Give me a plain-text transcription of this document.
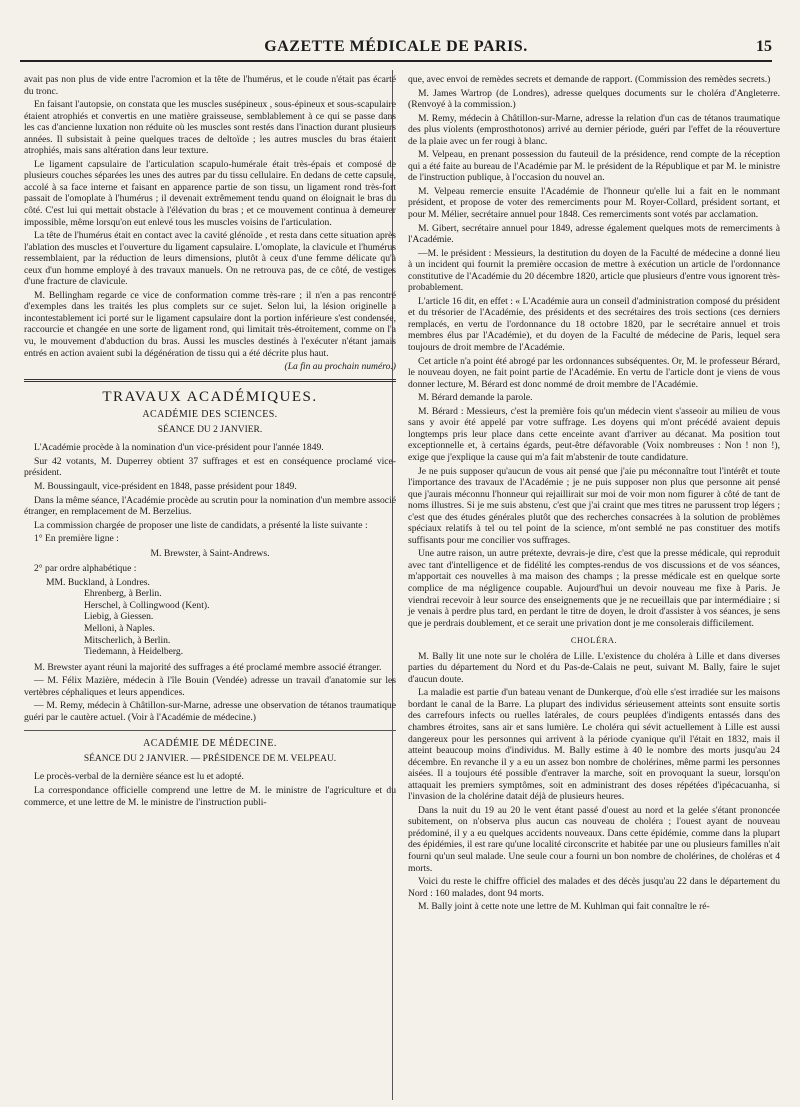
GAZETTE MÉDICALE DE PARIS.	15

avait pas non plus de vide entre l'acromion et la tête de l'humérus, et le coude n'était pas écarté du tronc.

En faisant l'autopsie, on constata que les muscles susépineux , sous-épineux et sous-scapulaire étaient atrophiés et convertis en une matière graisseuse, semblablement à ce qui se passe dans les cas d'ancienne luxation non réduite où les muscles sont restés dans l'inaction durant plusieurs années. Il subsistait à peine quelques traces de deltoïde ; les autres muscles du bras étaient atrophiés, mais sans altération dans leur texture.

Le ligament capsulaire de l'articulation scapulo-humérale était très-épais et composé de plusieurs couches séparées les unes des autres par du tissu cellulaire. En dedans de cette capsule, accolé à sa face interne et faisant en apparence partie de son tissu, un ligament rond très-fort passait de l'omoplate à l'humérus ; il devenait extrêmement tendu quand on éloignait le bras du côté. C'est lui qui mettait obstacle à l'élévation du bras ; et ce mouvement continua à demeurer impossible, même lorsqu'on eut enlevé tous les muscles voisins de l'articulation.

La tête de l'humérus était en contact avec la cavité glénoïde , et resta dans cette situation après l'ablation des muscles et l'ouverture du ligament capsulaire. L'omoplate, la clavicule et l'humérus ressemblaient, par la réduction de leurs dimensions, plutôt à ceux d'une femme délicate qu'à ceux d'un homme employé à des travaux manuels. On ne retrouva pas, de ce côté, de vestiges d'une fracture de clavicule.

M. Bellingham regarde ce vice de conformation comme très-rare ; il n'en a pas rencontré d'exemples dans les traités les plus complets sur ce sujet. Selon lui, la lésion originelle a incontestablement ici porté sur le ligament capsulaire dont la portion inférieure s'est condensée, raccourcie et changée en une sorte de ligament rond, qui limitait très-étroitement, comme on l'a vu, le mouvement d'abduction du bras. Aussi les muscles destinés à l'exécuter n'étant jamais entrés en action avaient subi la dégénération de tissu qui a été décrite plus haut.

(La fin au prochain numéro.)

TRAVAUX ACADÉMIQUES.
ACADÉMIE DES SCIENCES.
SÉANCE DU 2 JANVIER.

L'Académie procède à la nomination d'un vice-président pour l'année 1849.

Sur 42 votants, M. Duperrey obtient 37 suffrages et est en conséquence proclamé vice-président.

M. Boussingault, vice-président en 1848, passe président pour 1849.

Dans la même séance, l'Académie procède au scrutin pour la nomination d'un membre associé étranger, en remplacement de M. Berzelius.

La commission chargée de proposer une liste de candidats, a présenté la liste suivante :

1° En première ligne :

M. Brewster, à Saint-Andrews.

2° par ordre alphabétique :

MM. Buckland, à Londres.
Ehrenberg, à Berlin.
Herschel, à Collingwood (Kent).
Liebig, à Giessen.
Melloni, à Naples.
Mitscherlich, à Berlin.
Tiedemann, à Heidelberg.

M. Brewster ayant réuni la majorité des suffrages a été proclamé membre associé étranger.

— M. Félix Mazière, médecin à l'île Bouin (Vendée) adresse un travail d'anatomie sur les vertèbres céphaliques et leurs appendices.

— M. Remy, médecin à Châtillon-sur-Marne, adresse une observation de tétanos traumatique guéri par le cautère actuel. (Voir à l'Académie de médecine.)

ACADÉMIE DE MÉDECINE.
SÉANCE DU 2 JANVIER. — PRÉSIDENCE DE M. VELPEAU.

Le procès-verbal de la dernière séance est lu et adopté.

La correspondance officielle comprend une lettre de M. le ministre de l'agriculture et du commerce, et une lettre de M. le ministre de l'instruction publi-

que, avec envoi de remèdes secrets et demande de rapport. (Commission des remèdes secrets.)

M. James Wartrop (de Londres), adresse quelques documents sur le choléra d'Angleterre. (Renvoyé à la commission.)

M. Remy, médecin à Châtillon-sur-Marne, adresse la relation d'un cas de tétanos traumatique des plus violents (emprosthotonos) arrivé au dernier période, guéri par l'effet de la réouverture de la plaie avec un fer rougi à blanc.

M. Velpeau, en prenant possession du fauteuil de la présidence, rend compte de la réception qui a été faite au bureau de l'Académie par M. le président de la République et par M. le ministre de l'instruction publique, à l'occasion du nouvel an.

M. Velpeau remercie ensuite l'Académie de l'honneur qu'elle lui a fait en le nommant président, et propose de voter des remerciments pour M. Royer-Collard, président sortant, et pour M. Mélier, secrétaire annuel pour 1848. Ces remerciments sont votés par acclamation.

M. Gibert, secrétaire annuel pour 1849, adresse également quelques mots de remerciments à l'Académie.

—M. le président : Messieurs, la destitution du doyen de la Faculté de médecine a donné lieu à un incident qui fournit la première occasion de mettre à exécution un article de l'ordonnance constitutive de l'Académie du 20 décembre 1820, article que plusieurs d'entre vous ignorent très-probablement.

L'article 16 dit, en effet : « L'Académie aura un conseil d'administration composé du président et du trésorier de l'Académie, des présidents et des secrétaires des trois sections (ces derniers remplacés, en vertu de l'ordonnance du 18 octobre 1820, par le secrétaire annuel et trois membres élus par l'Académie), et du doyen de la Faculté de médecine de Paris, lequel sera toujours de droit membre de l'Académie.

Cet article n'a point été abrogé par les ordonnances subséquentes. Or, M. le professeur Bérard, le nouveau doyen, ne fait point partie de l'Académie. En vertu de l'article dont je viens de vous donner lecture, M. Bérard est donc nommé de droit membre de l'Académie.

M. Bérard demande la parole.

M. Bérard : Messieurs, c'est la première fois qu'un médecin vient s'asseoir au milieu de vous sans y avoir été appelé par votre suffrage. Les doyens qui m'ont précédé avaient depuis longtemps pris leur place dans cette enceinte avant d'arriver au décanat. Ma position tout exceptionnelle et, à certains égards, peut-être défavorable (Voix nombreuses : Non ! non !), exige que j'explique la cause qui m'a fait m'abstenir de toute candidature.

Je ne puis supposer qu'aucun de vous ait pensé que j'aie pu méconnaître tout l'intérêt et toute l'importance des travaux de l'Académie ; je ne puis supposer non plus que personne ait pensé que j'aurais méconnu l'honneur qui rejaillirait sur moi de voir mon nom figurer à côté de tant de noms illustres. Si je me suis abstenu, c'est que j'ai craint que mes titres ne parussent trop légers ; c'est que des études générales plutôt que des recherches consacrées à la solution de problèmes spéciaux relatifs à tel ou tel point de la science, m'ont semblé ne pas constituer des motifs suffisants pour me concilier vos suffrages.

Une autre raison, un autre prétexte, devrais-je dire, c'est que la presse médicale, qui reproduit avec tant d'intelligence et de fidélité les comptes-rendus de vos discussions et de vos séances, m'apportait ces nouvelles à ma maison des champs ; la presse médicale est en quelque sorte complice de ma négligence coupable. Aujourd'hui un devoir nouveau me fixe à Paris. Je viendrai recevoir à leur source des enseignements que je ne recueillais que par intermédiaire ; si je venais à perdre plus tard, en perdant le titre de doyen, le droit d'assister à vos séances, je sens que je perdrais doublement, et ce serait une privation dont je me consolerais difficilement.

CHOLÉRA.

M. Bally lit une note sur le choléra de Lille. L'existence du choléra à Lille et dans diverses parties du département du Nord et du Pas-de-Calais ne peut, suivant M. Bally, faire le sujet d'aucun doute.

La maladie est partie d'un bateau venant de Dunkerque, d'où elle s'est irradiée sur les maisons bordant le canal de la Barre. La plupart des individus sérieusement atteints sont ensuite sortis des carrefours infects ou ruelles latérales, de cours peuplées d'indigents entassés dans des chambres étroites, sans air et sans lumière. Le choléra qui sévit actuellement à Lille est aussi dangereux pour les personnes qui arrivent à la période cyanique qu'il l'était en 1832, mais il atteint beaucoup moins d'individus. M. Bally estime à 40 le nombre des morts jusqu'au 24 décembre. En revanche il y a eu un assez bon nombre de cholérines, même parmi les personnes aisées. Il a toujours été possible d'entraver la marche, soit en provoquant la sueur, lorsqu'on attaquait les premiers symptômes, soit en administrant des doses répétées d'ipécacuanha, si l'invasion de la cholérine datait déjà de plusieurs heures.

Dans la nuit du 19 au 20 le vent étant passé d'ouest au nord et la gelée s'étant prononcée subitement, on n'observa plus aucun cas nouveau de choléra ; l'ouest ayant de nouveau prédominé, il y a eu quelques accidents nouveaux. Dans cette épidémie, comme dans la plupart des épidémies, il est rare qu'une localité circonscrite et habitée par une ou plusieurs familles n'ait fourni qu'un seul malade. Une seule cour a fourni un bon nombre de cholérines, de choléras et 4 morts.

Voici du reste le chiffre officiel des malades et des décès jusqu'au 22 dans le département du Nord : 160 malades, dont 94 morts.

M. Bally joint à cette note une lettre de M. Kuhlman qui fait connaître le ré-
